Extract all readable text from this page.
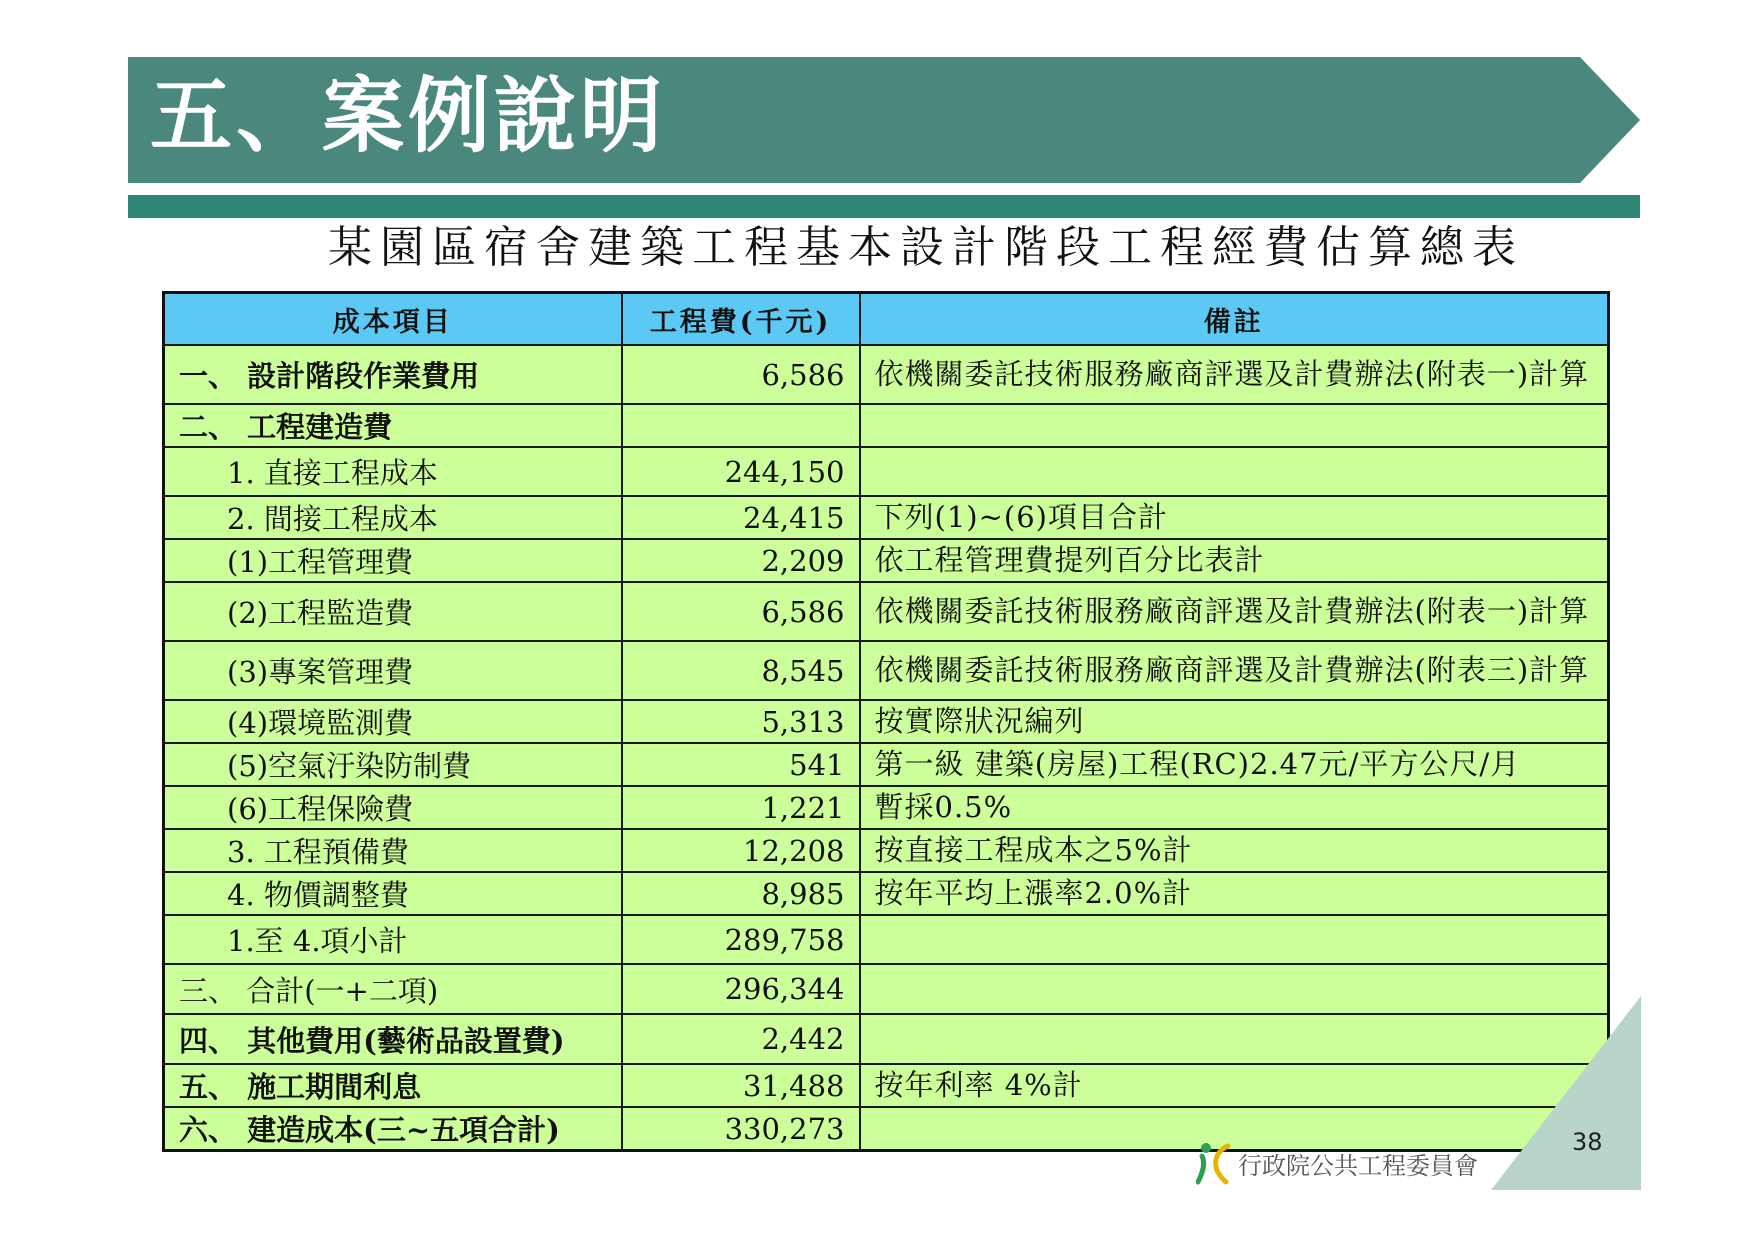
五、案例說明
某園區宿舍建築工程基本設計階段工程經費估算總表
成本項目	工程費(千元)	備註
一、 設計階段作業費用	6,586	依機關委託技術服務廠商評選及計費辦法(附表一)計算
二、 工程建造費		
1. 直接工程成本	244,150	
2. 間接工程成本	24,415	下列(1)~(6)項目合計
(1)工程管理費	2,209	依工程管理費提列百分比表計
(2)工程監造費	6,586	依機關委託技術服務廠商評選及計費辦法(附表一)計算
(3)專案管理費	8,545	依機關委託技術服務廠商評選及計費辦法(附表三)計算
(4)環境監測費	5,313	按實際狀況編列
(5)空氣汙染防制費	541	第一級 建築(房屋)工程(RC)2.47元/平方公尺/月
(6)工程保險費	1,221	暫採0.5%
3. 工程預備費	12,208	按直接工程成本之5%計
4. 物價調整費	8,985	按年平均上漲率2.0%計
1.至 4.項小計	289,758	
三、 合計(一+二項)	296,344	
四、 其他費用(藝術品設置費)	2,442	
五、 施工期間利息	31,488	按年利率 4%計
六、 建造成本(三~五項合計)	330,273		38
行政院公共工程委員會
